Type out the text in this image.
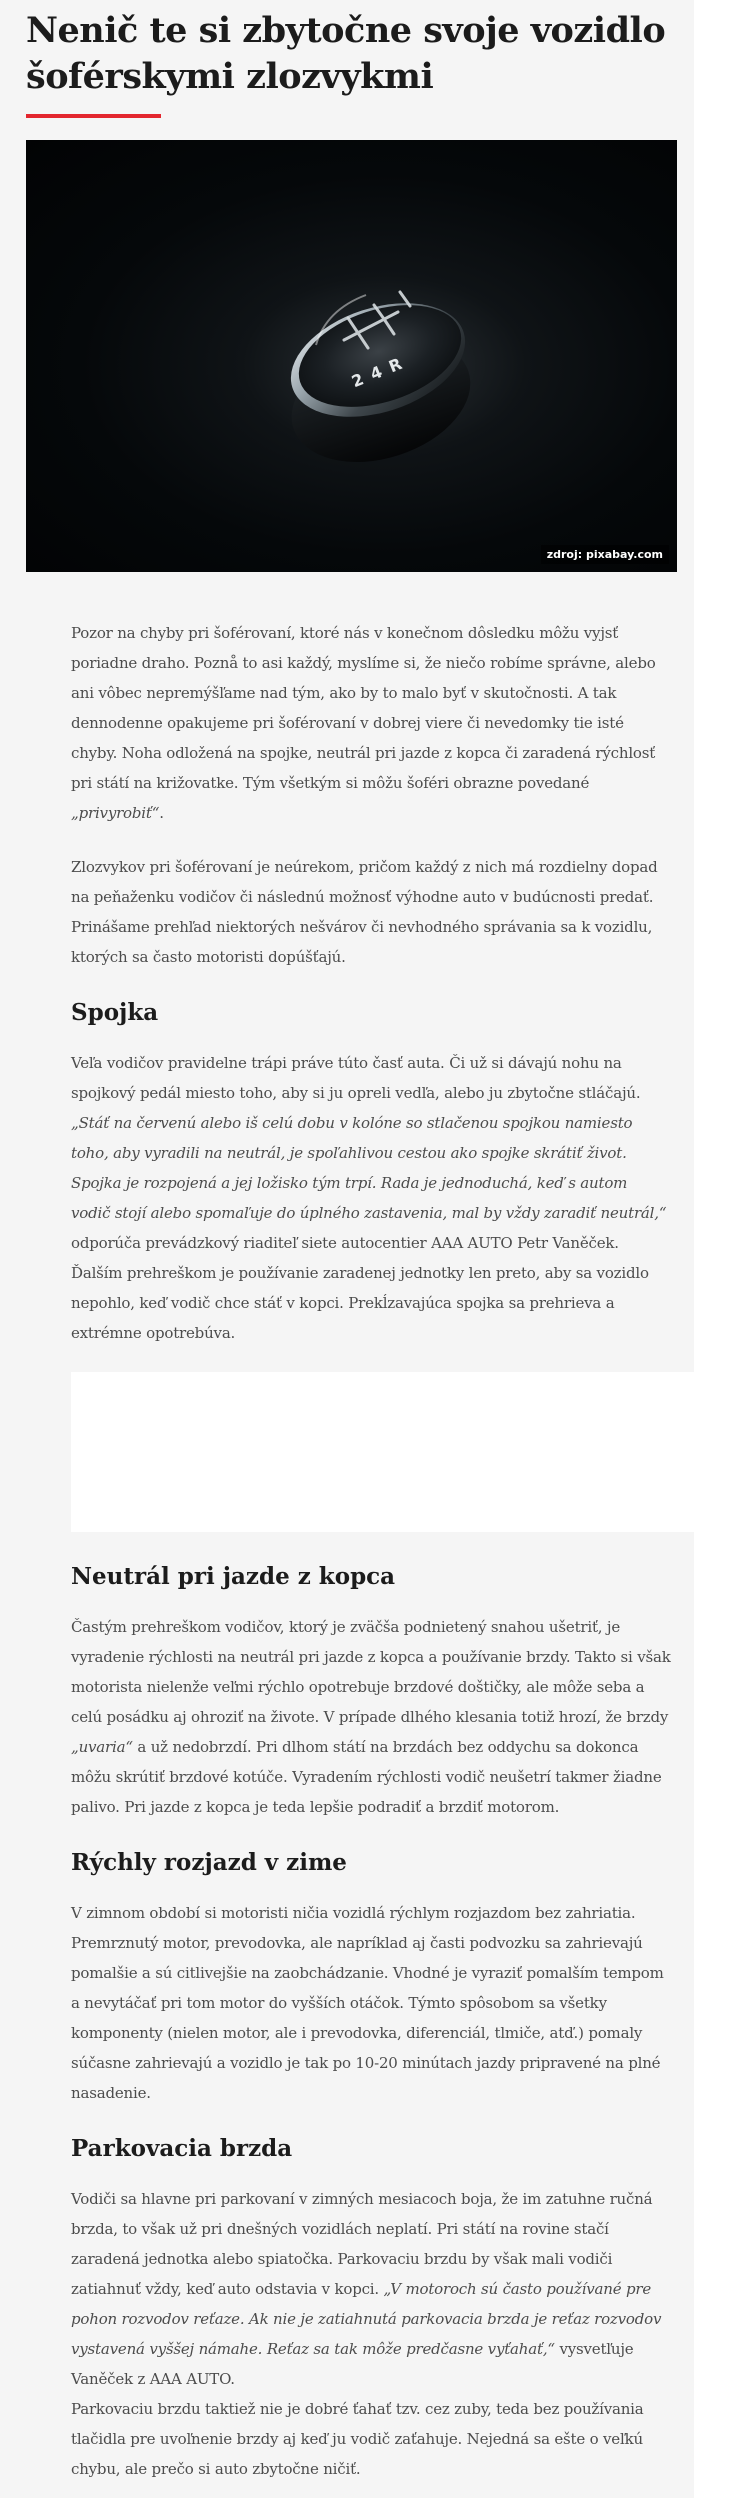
Nenič te si zbytočne svoje vozidlo šoférskymi zlozvykmi
2 4 R
zdroj: pixabay.com

Pozor na chyby pri šoférovaní, ktoré nás v konečnom dôsledku môžu vyjsť poriadne draho. Poznå to asi každý, myslíme si, že niečo robíme správne, alebo ani vôbec nepremýšľame nad tým, ako by to malo byť v skutočnosti. A tak dennodenne opakujeme pri šoférovaní v dobrej viere či nevedomky tie isté chyby. Noha odložená na spojke, neutrál pri jazde z kopca či zaradená rýchlosť pri státí na križovatke. Tým všetkým si môžu šoféri obrazne povedané „privyrobiť“.

Zlozvykov pri šoférovaní je neúrekom, pričom každý z nich má rozdielny dopad na peňaženku vodičov či následnú možnosť výhodne auto v budúcnosti predať. Prinášame prehľad niektorých nešvárov či nevhodného správania sa k vozidlu, ktorých sa často motoristi dopúšťajú.

Spojka

Veľa vodičov pravidelne trápi práve túto časť auta. Či už si dávajú nohu na spojkový pedál miesto toho, aby si ju opreli vedľa, alebo ju zbytočne stláčajú. „Stáť na červenú alebo iš celú dobu v kolóne so stlačenou spojkou namiesto toho, aby vyradili na neutrál, je spoľahlivou cestou ako spojke skrátiť život. Spojka je rozpojená a jej ložisko tým trpí. Rada je jednoduchá, keď s autom vodič stojí alebo spomaľuje do úplného zastavenia, mal by vždy zaradiť neutrál,“ odporúča prevádzkový riaditeľ siete autocentier AAA AUTO Petr Vaněček. Ďalším prehreškom je používanie zaradenej jednotky len preto, aby sa vozidlo nepohlo, keď vodič chce stáť v kopci. Prekĺzavajúca spojka sa prehrieva a extrémne opotrebúva.

Neutrál pri jazde z kopca

Častým prehreškom vodičov, ktorý je zväčša podnietený snahou ušetriť, je vyradenie rýchlosti na neutrál pri jazde z kopca a používanie brzdy. Takto si však motorista nielenže veľmi rýchlo opotrebuje brzdové doštičky, ale môže seba a celú posádku aj ohroziť na živote. V prípade dlhého klesania totiž hrozí, že brzdy „uvaria“ a už nedobrzdí. Pri dlhom státí na brzdách bez oddychu sa dokonca môžu skrútiť brzdové kotúče. Vyradením rýchlosti vodič neušetrí takmer žiadne palivo. Pri jazde z kopca je teda lepšie podradiť a brzdiť motorom.

Rýchly rozjazd v zime

V zimnom období si motoristi ničia vozidlá rýchlym rozjazdom bez zahriatia. Premrznutý motor, prevodovka, ale napríklad aj časti podvozku sa zahrievajú pomalšie a sú citlivejšie na zaobchádzanie. Vhodné je vyraziť pomalším tempom a nevytáčať pri tom motor do vyšších otáčok. Týmto spôsobom sa všetky komponenty (nielen motor, ale i prevodovka, diferenciál, tlmiče, atď.) pomaly súčasne zahrievajú a vozidlo je tak po 10-20 minútach jazdy pripravené na plné nasadenie.

Parkovacia brzda

Vodiči sa hlavne pri parkovaní v zimných mesiacoch boja, že im zatuhne ručná brzda, to však už pri dnešných vozidlách neplatí. Pri státí na rovine stačí zaradená jednotka alebo spiatočka. Parkovaciu brzdu by však mali vodiči zatiahnuť vždy, keď auto odstavia v kopci. „V motoroch sú často používané pre pohon rozvodov reťaze. Ak nie je zatiahnutá parkovacia brzda je reťaz rozvodov vystavená vyššej námahe. Reťaz sa tak môže predčasne vyťahať,“ vysvetľuje Vaněček z AAA AUTO.

Parkovaciu brzdu taktiež nie je dobré ťahať tzv. cez zuby, teda bez používania tlačidla pre uvoľnenie brzdy aj keď ju vodič zaťahuje. Nejedná sa ešte o veľkú chybu, ale prečo si auto zbytočne ničiť.
